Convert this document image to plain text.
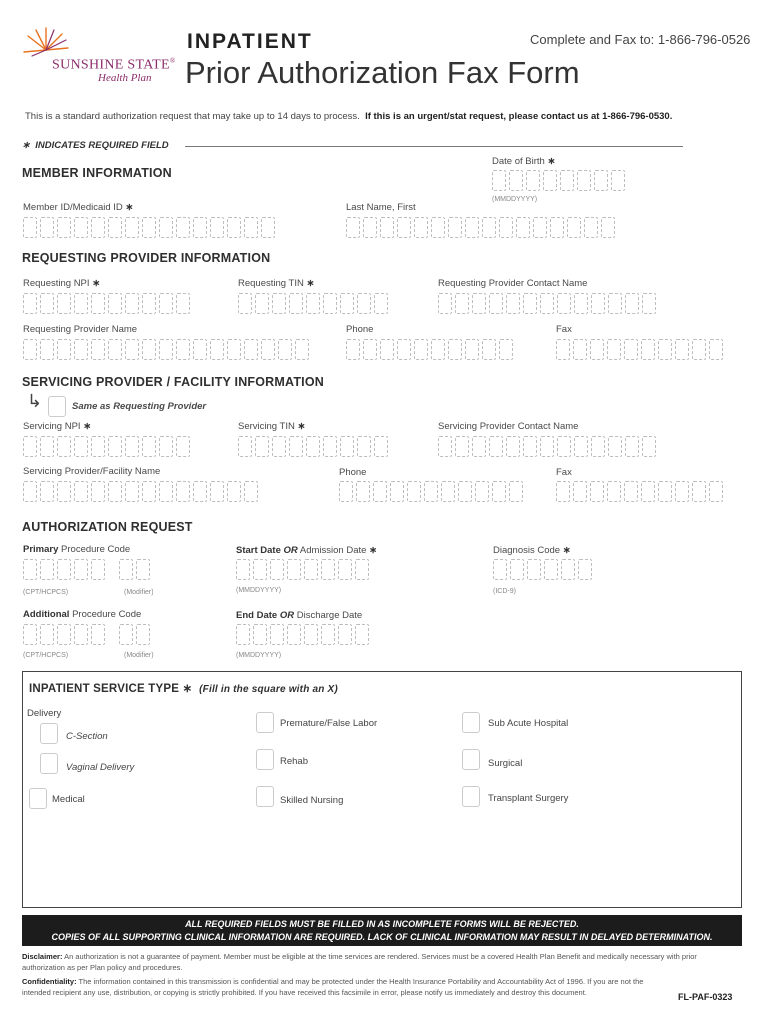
SUNSHINE STATE®
Health Plan
INPATIENT
Prior Authorization Fax Form
Complete and Fax to: 1-866-796-0526
This is a standard authorization request that may take up to 14 days to process. If this is an urgent/stat request, please contact us at 1-866-796-0530.
∗ INDICATES REQUIRED FIELD
MEMBER INFORMATION
Date of Birth ∗
(MMDDYYYY)
Member ID/Medicaid ID ∗	Last Name, First
REQUESTING PROVIDER INFORMATION
Requesting NPI ∗	Requesting TIN ∗	Requesting Provider Contact Name
Requesting Provider Name	Phone	Fax
SERVICING PROVIDER / FACILITY INFORMATION
↳	Same as Requesting Provider
Servicing NPI ∗	Servicing TIN ∗	Servicing Provider Contact Name
Servicing Provider/Facility Name	Phone	Fax
AUTHORIZATION REQUEST
Primary Procedure Code
(CPT/HCPCS)	(Modifier)
Start Date OR Admission Date ∗
(MMDDYYYY)
Diagnosis Code ∗
(ICD-9)
Additional Procedure Code
(CPT/HCPCS)	(Modifier)
End Date OR Discharge Date
(MMDDYYYY)
INPATIENT SERVICE TYPE ∗ (Fill in the square with an X)
Delivery
C-Section
Vaginal Delivery
Medical
Premature/False Labor
Rehab
Skilled Nursing
Sub Acute Hospital
Surgical
Transplant Surgery
ALL REQUIRED FIELDS MUST BE FILLED IN AS INCOMPLETE FORMS WILL BE REJECTED.
COPIES OF ALL SUPPORTING CLINICAL INFORMATION ARE REQUIRED. LACK OF CLINICAL INFORMATION MAY RESULT IN DELAYED DETERMINATION.
Disclaimer: An authorization is not a guarantee of payment. Member must be eligible at the time services are rendered. Services must be a covered Health Plan Benefit and medically necessary with prior authorization as per Plan policy and procedures.
Confidentiality: The information contained in this transmission is confidential and may be protected under the Health Insurance Portability and Accountability Act of 1996. If you are not the intended recipient any use, distribution, or copying is strictly prohibited. If you have received this facsimile in error, please notify us immediately and destroy this document.	FL-PAF-0323
